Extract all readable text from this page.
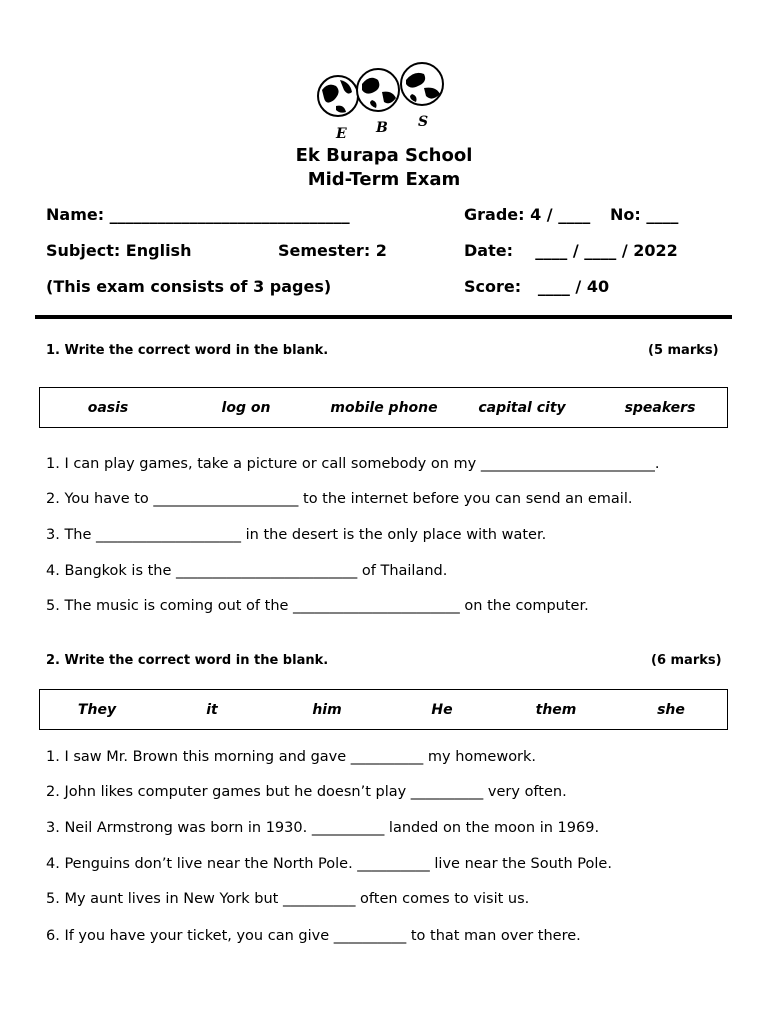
E B S
Ek Burapa School
Mid-Term Exam
Name: ______________________________	Grade: 4 / ____ No: ____
Subject: English	Semester: 2	Date:    ____ / ____ / 2022
(This exam consists of 3 pages)	Score:   ____ / 40
1. Write the correct word in the blank.	(5 marks)
oasis	log on	mobile phone	capital city	speakers
1. I can play games, take a picture or call somebody on my ________________________.
2. You have to ____________________ to the internet before you can send an email.
3. The ____________________ in the desert is the only place with water.
4. Bangkok is the _________________________ of Thailand.
5. The music is coming out of the _______________________ on the computer.
2. Write the correct word in the blank.	(6 marks)
They	it	him	He	them	she
1. I saw Mr. Brown this morning and gave __________ my homework.
2. John likes computer games but he doesn’t play __________ very often.
3. Neil Armstrong was born in 1930. __________ landed on the moon in 1969.
4. Penguins don’t live near the North Pole. __________ live near the South Pole.
5. My aunt lives in New York but __________ often comes to visit us.
6. If you have your ticket, you can give __________ to that man over there.
